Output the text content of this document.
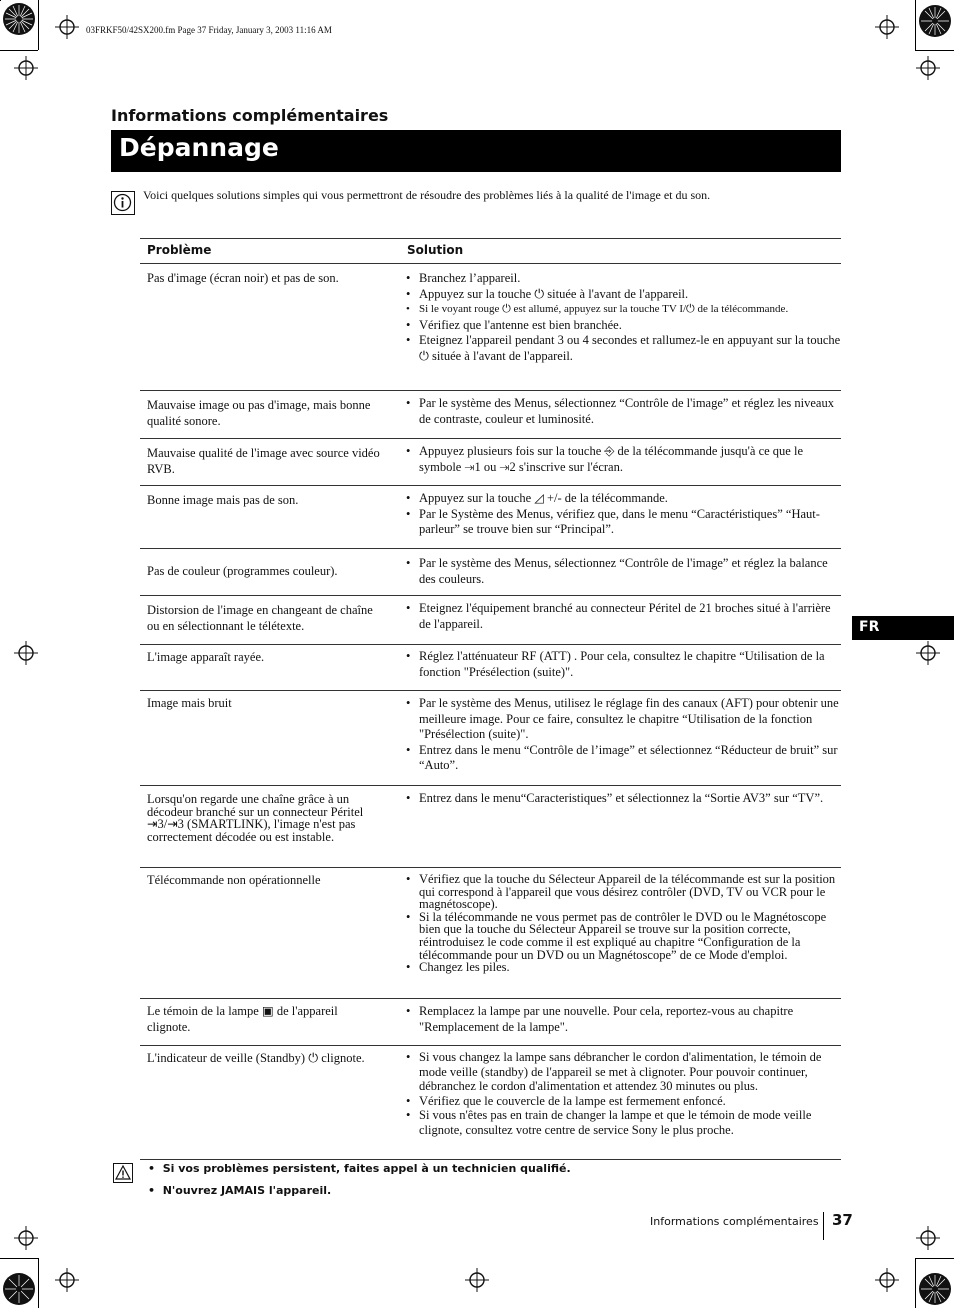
03FRKF50/42SX200.fm Page 37 Friday, January 3, 2003 11:16 AM
Informations complémentaires
Dépannage
Voici quelques solutions simples qui vous permettront de résoudre des problèmes liés à la qualité de l'image et du son.
Problème	Solution
Pas d'image (écran noir) et pas de son.	• Branchez l’appareil.
• Appuyez sur la touche ⏻ située à l'avant de l'appareil.
• Si le voyant rouge ⏻ est allumé, appuyez sur la touche TV I/⏻ de la télécommande.
• Vérifiez que l'antenne est bien branchée.
• Eteignez l'appareil pendant 3 ou 4 secondes et rallumez-le en appuyant sur la touche ⏻ située à l'avant de l'appareil.
Mauvaise image ou pas d'image, mais bonne qualité sonore.
• Par le système des Menus, sélectionnez “Contrôle de l'image” et réglez les niveaux de contraste, couleur et luminosité.
Mauvaise qualité de l'image avec source vidéo RVB.
• Appuyez plusieurs fois sur la touche ⎆ de la télécommande jusqu'à ce que le symbole ⇥1 ou ⇥2 s'inscrive sur l'écran.
Bonne image mais pas de son.	• Appuyez sur la touche ◿ +/- de la télécommande.
• Par le Système des Menus, vérifiez que, dans le menu “Caractéristiques” “Haut-parleur” se trouve bien sur “Principal”.
Pas de couleur (programmes couleur).
• Par le système des Menus, sélectionnez “Contrôle de l'image” et réglez la balance des couleurs.
Distorsion de l'image en changeant de chaîne ou en sélectionnant le télétexte.
• Eteignez l'équipement branché au connecteur Péritel de 21 broches situé à l'arrière de l'appareil.
L'image apparaît rayée.	• Réglez l'atténuateur RF (ATT) . Pour cela, consultez le chapitre “Utilisation de la fonction "Présélection (suite)".
Image mais bruit	• Par le système des Menus, utilisez le réglage fin des canaux (AFT) pour obtenir une meilleure image. Pour ce faire, consultez le chapitre “Utilisation de la fonction "Présélection (suite)".
• Entrez dans le menu “Contrôle de l’image” et sélectionnez “Réducteur de bruit” sur “Auto”.
Lorsqu'on regarde une chaîne grâce à un décodeur branché sur un connecteur Péritel ⇥3/⇥3 (SMARTLINK), l'image n'est pas correctement décodée ou est instable.
• Entrez dans le menu“Caracteristiques” et sélectionnez la “Sortie AV3” sur “TV”.
Télécommande non opérationnelle	• Vérifiez que la touche du Sélecteur Appareil de la télécommande est sur la position qui correspond à l'appareil que vous désirez contrôler (DVD, TV ou VCR pour le magnétoscope).
• Si la télécommande ne vous permet pas de contrôler le DVD ou le Magnétoscope bien que la touche du Sélecteur Appareil se trouve sur la position correcte, réintroduisez le code comme il est expliqué au chapitre “Configuration de la télécommande pour un DVD ou un Magnétoscope” de ce Mode d'emploi.
• Changez les piles.
Le témoin de la lampe ▣ de l'appareil clignote.
• Remplacez la lampe par une nouvelle. Pour cela, reportez-vous au chapitre "Remplacement de la lampe".
L'indicateur de veille (Standby) ⏻ clignote.	• Si vous changez la lampe sans débrancher le cordon d'alimentation, le témoin de mode veille (standby) de l'appareil se met à clignoter. Pour pouvoir continuer, débranchez le cordon d'alimentation et attendez 30 minutes ou plus.
• Vérifiez que le couvercle de la lampe est fermement enfoncé.
• Si vous n'êtes pas en train de changer la lampe et que le témoin de mode veille clignote, consultez votre centre de service Sony le plus proche.
•  Si vos problèmes persistent, faites appel à un technicien qualifié.
•  N'ouvrez JAMAIS l'appareil.
FR
Informations complémentaires 37
